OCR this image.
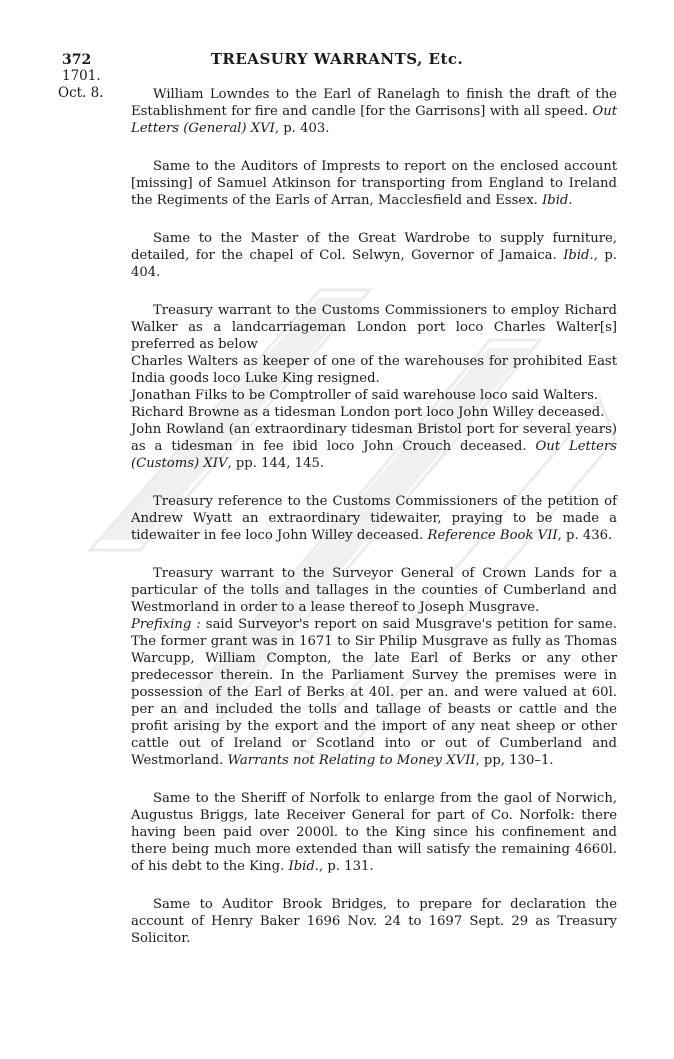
372	TREASURY WARRANTS, Etc.
1701.
Oct. 8.	William Lowndes to the Earl of Ranelagh to finish the draft of the Establishment for fire and candle [for the Garrisons] with all speed. Out Letters (General) XVI, p. 403.

Same to the Auditors of Imprests to report on the enclosed account [missing] of Samuel Atkinson for transporting from England to Ireland the Regiments of the Earls of Arran, Macclesfield and Essex. Ibid.

Same to the Master of the Great Wardrobe to supply furniture, detailed, for the chapel of Col. Selwyn, Governor of Jamaica. Ibid., p. 404.

Treasury warrant to the Customs Commissioners to employ Richard Walker as a landcarriageman London port loco Charles Walter[s] preferred as below

Charles Walters as keeper of one of the warehouses for prohibited East India goods loco Luke King resigned.

Jonathan Filks to be Comptroller of said warehouse loco said Walters.

Richard Browne as a tidesman London port loco John Willey deceased.

John Rowland (an extraordinary tidesman Bristol port for several years) as a tidesman in fee ibid loco John Crouch deceased. Out Letters (Customs) XIV, pp. 144, 145.

Treasury reference to the Customs Commissioners of the petition of Andrew Wyatt an extraordinary tidewaiter, praying to be made a tidewaiter in fee loco John Willey deceased. Reference Book VII, p. 436.

Treasury warrant to the Surveyor General of Crown Lands for a particular of the tolls and tallages in the counties of Cumberland and Westmorland in order to a lease thereof to Joseph Musgrave.

Prefixing : said Surveyor's report on said Musgrave's petition for same. The former grant was in 1671 to Sir Philip Musgrave as fully as Thomas Warcupp, William Compton, the late Earl of Berks or any other predecessor therein. In the Parliament Survey the premises were in possession of the Earl of Berks at 40l. per an. and were valued at 60l. per an and included the tolls and tallage of beasts or cattle and the profit arising by the export and the import of any neat sheep or other cattle out of Ireland or Scotland into or out of Cumberland and Westmorland. Warrants not Relating to Money XVII, pp, 130–1.

Same to the Sheriff of Norfolk to enlarge from the gaol of Norwich, Augustus Briggs, late Receiver General for part of Co. Norfolk: there having been paid over 2000l. to the King since his confinement and there being much more extended than will satisfy the remaining 4660l. of his debt to the King. Ibid., p. 131.

Same to Auditor Brook Bridges, to prepare for declaration the account of Henry Baker 1696 Nov. 24 to 1697 Sept. 29 as Treasury Solicitor.
